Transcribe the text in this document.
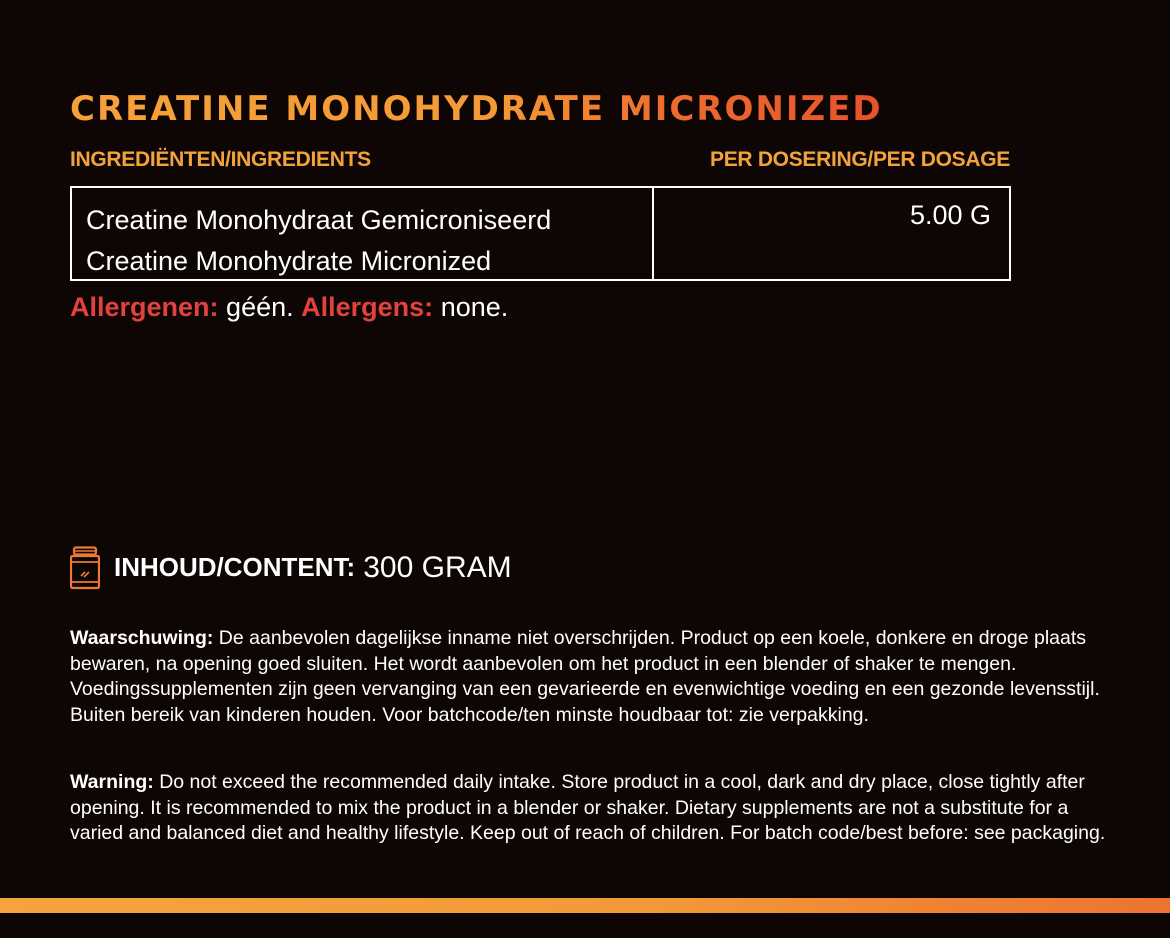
CREATINE MONOHYDRATE MICRONIZED
INGREDIËNTEN/INGREDIENTS	PER DOSERING/PER DOSAGE
Creatine Monohydraat Gemicroniseerd
Creatine Monohydrate Micronized
5.00 G
Allergenen: géén. Allergens: none.
INHOUD/CONTENT: 300 GRAM

Waarschuwing: De aanbevolen dagelijkse inname niet overschrijden. Product op een koele, donkere en droge plaats bewaren, na opening goed sluiten. Het wordt aanbevolen om het product in een blender of shaker te mengen. Voedingssupplementen zijn geen vervanging van een gevarieerde en evenwichtige voeding en een gezonde levensstijl. Buiten bereik van kinderen houden. Voor batchcode/ten minste houdbaar tot: zie verpakking.

Warning: Do not exceed the recommended daily intake. Store product in a cool, dark and dry place, close tightly after opening. It is recommended to mix the product in a blender or shaker. Dietary supplements are not a substitute for a varied and balanced diet and healthy lifestyle. Keep out of reach of children. For batch code/best before: see packaging.
